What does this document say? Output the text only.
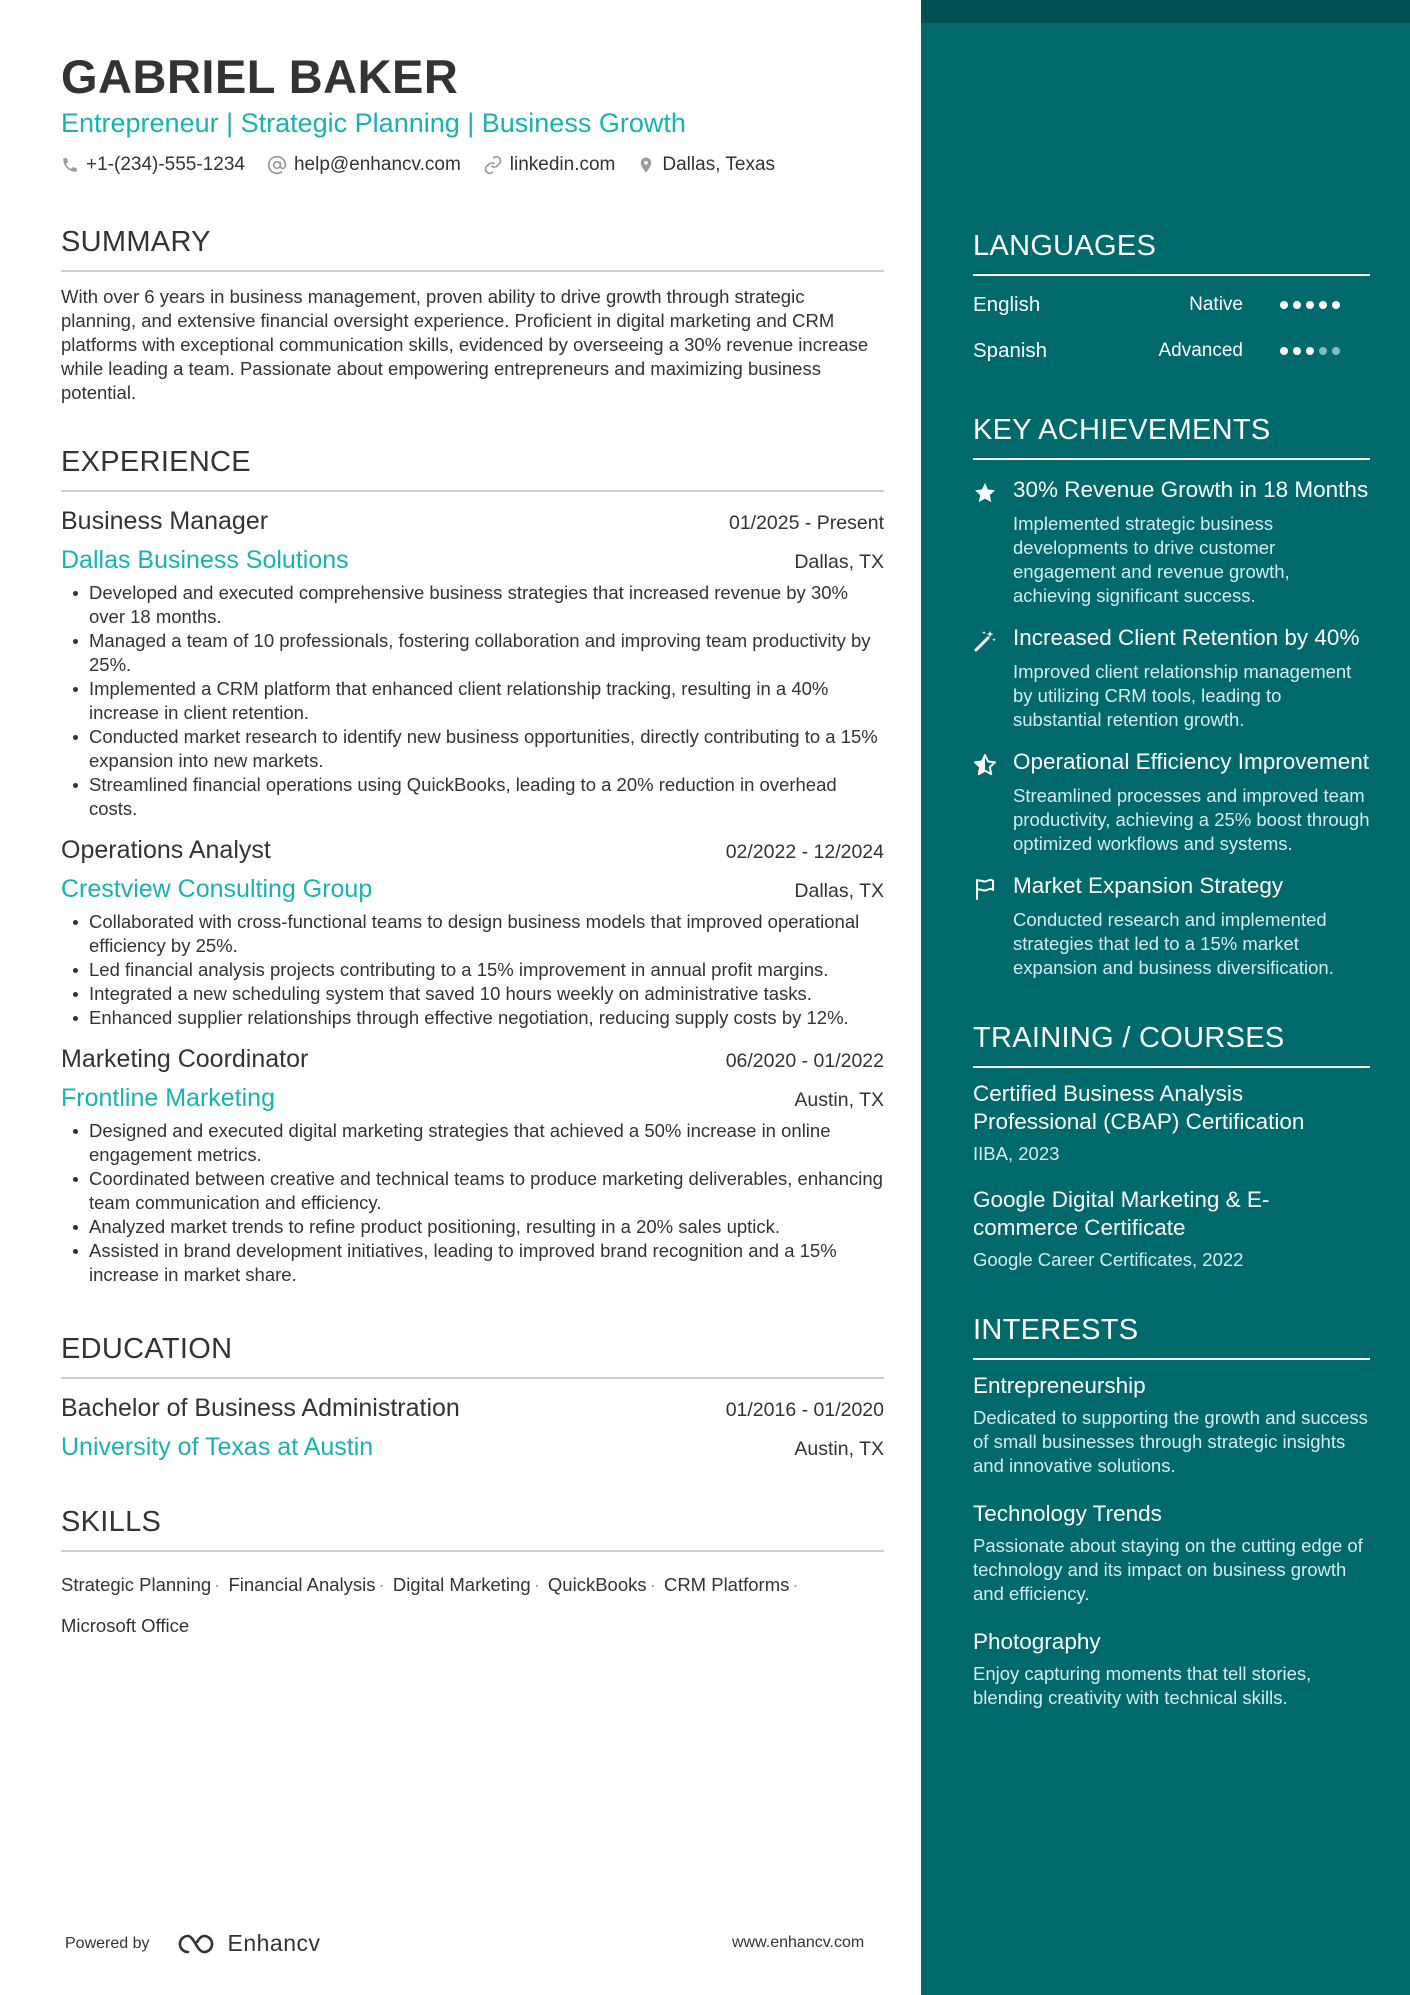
GABRIEL BAKER
Entrepreneur | Strategic Planning | Business Growth
+1-(234)-555-1234	help@enhancv.com	linkedin.com Dallas, Texas
SUMMARY

With over 6 years in business management, proven ability to drive growth through strategic planning, and extensive financial oversight experience. Proficient in digital marketing and CRM platforms with exceptional communication skills, evidenced by overseeing a 30% revenue increase while leading a team. Passionate about empowering entrepreneurs and maximizing business potential.

EXPERIENCE
Business Manager	01/2025 - Present
Dallas Business Solutions	Dallas, TX
Developed and executed comprehensive business strategies that increased revenue by 30% over 18 months.
Managed a team of 10 professionals, fostering collaboration and improving team productivity by 25%.
Implemented a CRM platform that enhanced client relationship tracking, resulting in a 40% increase in client retention.
Conducted market research to identify new business opportunities, directly contributing to a 15% expansion into new markets.
Streamlined financial operations using QuickBooks, leading to a 20% reduction in overhead costs.
Operations Analyst	02/2022 - 12/2024
Crestview Consulting Group	Dallas, TX
Collaborated with cross-functional teams to design business models that improved operational efficiency by 25%.
Led financial analysis projects contributing to a 15% improvement in annual profit margins.
Integrated a new scheduling system that saved 10 hours weekly on administrative tasks.
Enhanced supplier relationships through effective negotiation, reducing supply costs by 12%.
Marketing Coordinator	06/2020 - 01/2022
Frontline Marketing	Austin, TX
Designed and executed digital marketing strategies that achieved a 50% increase in online engagement metrics.
Coordinated between creative and technical teams to produce marketing deliverables, enhancing team communication and efficiency.
Analyzed market trends to refine product positioning, resulting in a 20% sales uptick.
Assisted in brand development initiatives, leading to improved brand recognition and a 15% increase in market share.
EDUCATION
Bachelor of Business Administration	01/2016 - 01/2020
University of Texas at Austin	Austin, TX
SKILLS
Strategic Planning · Financial Analysis · Digital Marketing · QuickBooks · CRM Platforms ·
Microsoft Office
Powered by	Enhancv	www.enhancv.com
LANGUAGES
English	Native
Spanish	Advanced
KEY ACHIEVEMENTS
30% Revenue Growth in 18 Months
Implemented strategic business developments to drive customer engagement and revenue growth, achieving significant success.
Increased Client Retention by 40%
Improved client relationship management by utilizing CRM tools, leading to substantial retention growth.
Operational Efficiency Improvement
Streamlined processes and improved team productivity, achieving a 25% boost through optimized workflows and systems.
Market Expansion Strategy
Conducted research and implemented strategies that led to a 15% market expansion and business diversification.
TRAINING / COURSES
Certified Business Analysis Professional (CBAP) Certification
IIBA, 2023
Google Digital Marketing & E-commerce Certificate
Google Career Certificates, 2022
INTERESTS
Entrepreneurship
Dedicated to supporting the growth and success of small businesses through strategic insights and innovative solutions.
Technology Trends
Passionate about staying on the cutting edge of technology and its impact on business growth and efficiency.
Photography
Enjoy capturing moments that tell stories, blending creativity with technical skills.
